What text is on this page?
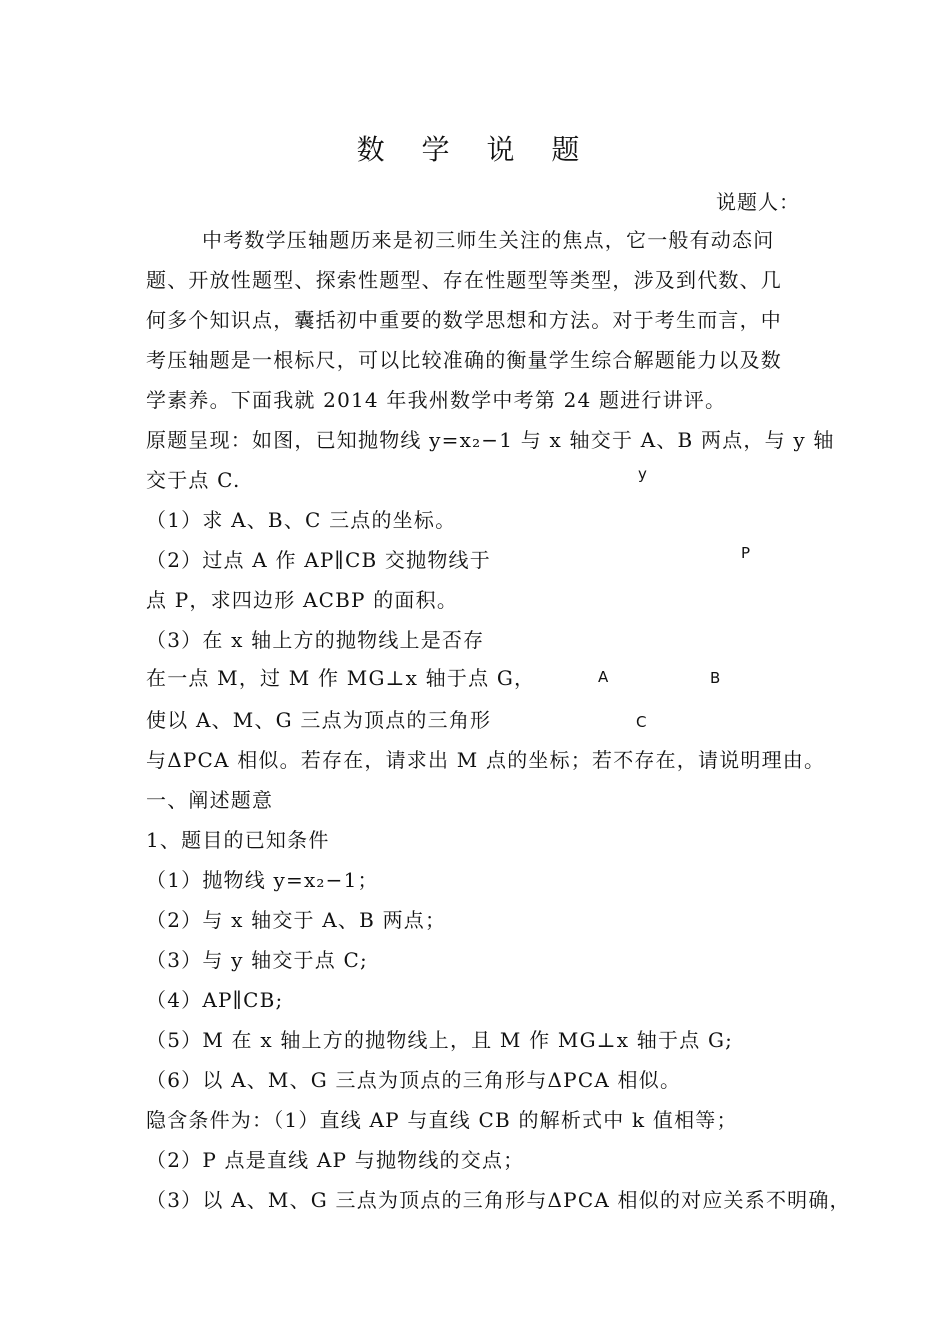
数 学 说 题
说题人：
中考数学压轴题历来是初三师生关注的焦点，它一般有动态问
题、开放性题型、探索性题型、存在性题型等类型，涉及到代数、几
何多个知识点，囊括初中重要的数学思想和方法。对于考生而言，中
考压轴题是一根标尺，可以比较准确的衡量学生综合解题能力以及数
学素养。下面我就 2014 年我州数学中考第 24 题进行讲评。
原题呈现：如图，已知抛物线 y=x₂−1 与 x 轴交于 A、B 两点，与 y 轴
交于点 C.
（1）求 A、B、C 三点的坐标。
（2）过点 A 作 AP∥CB 交抛物线于
点 P，求四边形 ACBP 的面积。
（3）在 x 轴上方的抛物线上是否存
在一点 M，过 M 作 MG⊥x 轴于点 G，
使以 A、M、G 三点为顶点的三角形
与ΔPCA 相似。若存在，请求出 M 点的坐标；若不存在，请说明理由。
y
P
A	B
C
一、阐述题意
1、题目的已知条件
（1）抛物线 y=x₂−1；
（2）与 x 轴交于 A、B 两点；
（3）与 y 轴交于点 C;
（4）AP∥CB;
（5）M 在 x 轴上方的抛物线上，且 M 作 MG⊥x 轴于点 G;
（6）以 A、M、G 三点为顶点的三角形与ΔPCA 相似。
隐含条件为：（1）直线 AP 与直线 CB 的解析式中 k 值相等；
（2）P 点是直线 AP 与抛物线的交点；
（3）以 A、M、G 三点为顶点的三角形与ΔPCA 相似的对应关系不明确，
